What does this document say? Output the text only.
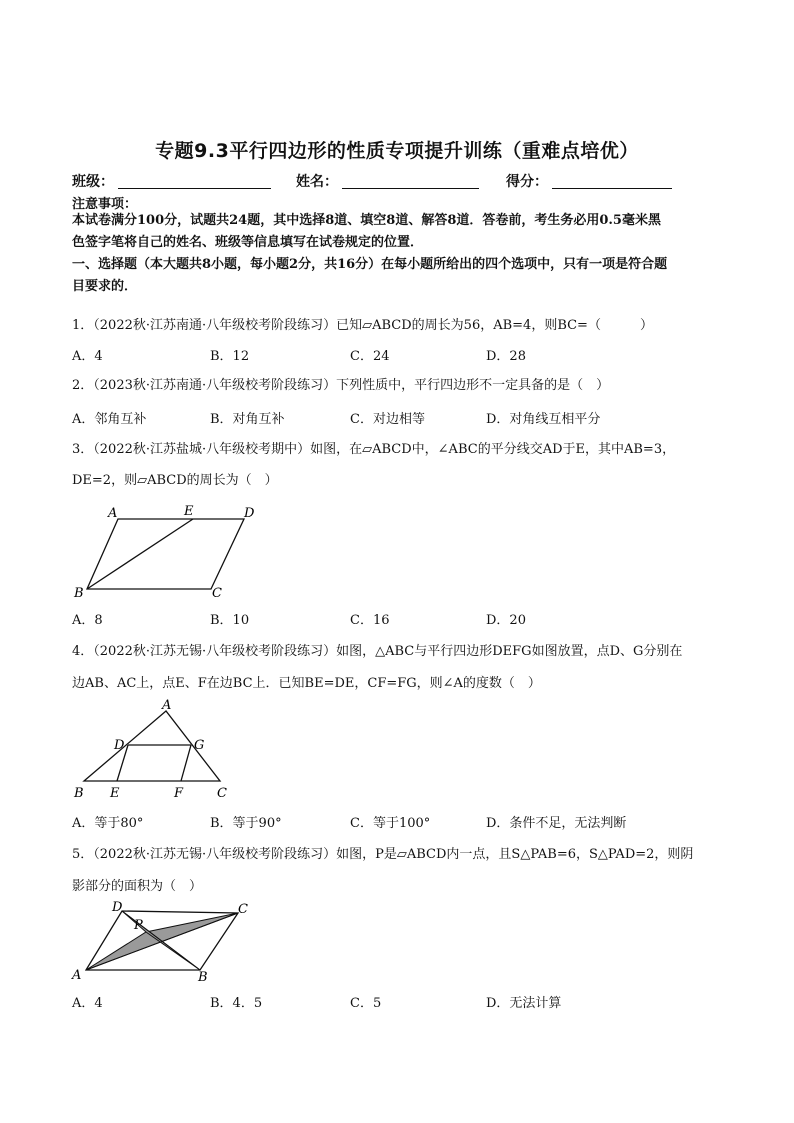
专题9.3平行四边形的性质专项提升训练（重难点培优）
班级：	姓名：	得分：
注意事项：
本试卷满分100分，试题共24题，其中选择8道、填空8道、解答8道．答卷前，考生务必用0.5毫米黑
色签字笔将自己的姓名、班级等信息填写在试卷规定的位置．
一、选择题（本大题共8小题，每小题2分，共16分）在每小题所给出的四个选项中，只有一项是符合题
目要求的．
1．（2022秋·江苏南通·八年级校考阶段练习）已知▱ABCD的周长为56，AB=4，则BC=（　　　）
A．4	B．12	C．24	D．28
2．（2023秋·江苏南通·八年级校考阶段练习）下列性质中，平行四边形不一定具备的是（　）
A．邻角互补	B．对角互补	C．对边相等	D．对角线互相平分
3．（2022秋·江苏盐城·八年级校考期中）如图，在▱ABCD中，∠ABC的平分线交AD于E，其中AB=3，
DE=2，则▱ABCD的周长为（　）
A	E	D
B	C
A．8	B．10	C．16	D．20
4．（2022秋·江苏无锡·八年级校考阶段练习）如图，△ABC与平行四边形DEFG如图放置，点D、G分别在
边AB、AC上，点E、F在边BC上．已知BE=DE，CF=FG，则∠A的度数（　）
A
D	G
B E	F	C
A．等于80°	B．等于90°	C．等于100°	D．条件不足，无法判断
5．（2022秋·江苏无锡·八年级校考阶段练习）如图，P是▱ABCD内一点，且S△PAB=6，S△PAD=2，则阴
影部分的面积为（　）
D	C
P
A	B
A．4	B．4．5	C．5	D．无法计算
